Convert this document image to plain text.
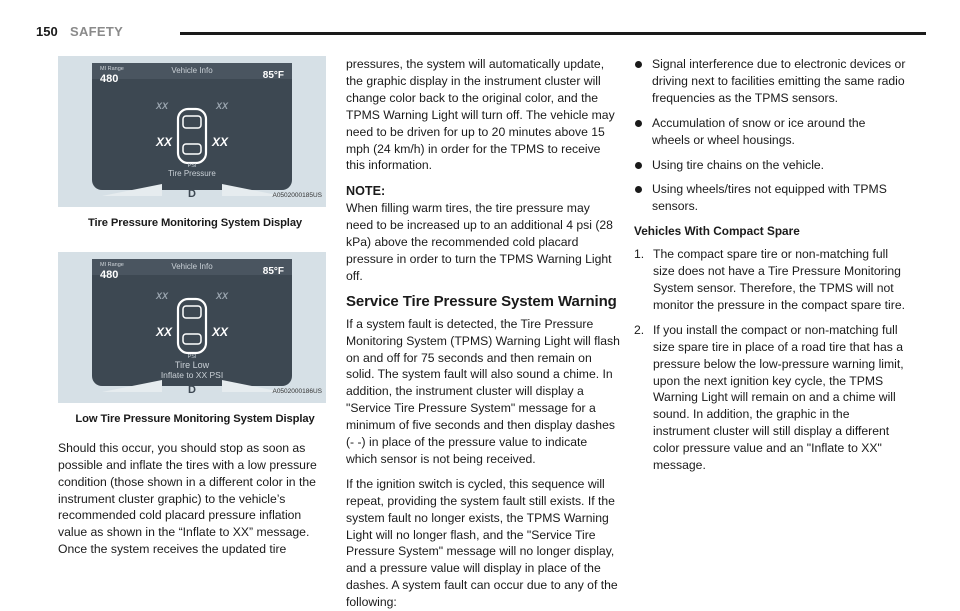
150 SAFETY
MI Range
480
Vehicle Info	85°F
XX	XX
XX	XX
PSI
Tire Pressure
D	A0502000185US

Tire Pressure Monitoring System Display

MI Range
480
Vehicle Info	85°F
XX	XX
XX	XX
PSI
Tire Low
Inflate to XX PSI
D	A0502000186US

Low Tire Pressure Monitoring System Display

Should this occur, you should stop as soon as possible and inflate the tires with a low pressure condition (those shown in a different color in the instrument cluster graphic) to the vehicle’s recommended cold placard pressure inflation value as shown in the “Inflate to XX” message. Once the system receives the updated tire

pressures, the system will automatically update, the graphic display in the instrument cluster will change color back to the original color, and the TPMS Warning Light will turn off. The vehicle may need to be driven for up to 20 minutes above 15 mph (24 km/h) in order for the TPMS to receive this information.

NOTE:

When filling warm tires, the tire pressure may need to be increased up to an additional 4 psi (28 kPa) above the recommended cold placard pressure in order to turn the TPMS Warning Light off.

Service Tire Pressure System Warning

If a system fault is detected, the Tire Pressure Monitoring System (TPMS) Warning Light will flash on and off for 75 seconds and then remain on solid. The system fault will also sound a chime. In addition, the instrument cluster will display a "Service Tire Pressure System" message for a minimum of five seconds and then display dashes (- -) in place of the pressure value to indicate which sensor is not being received.

If the ignition switch is cycled, this sequence will repeat, providing the system fault still exists. If the system fault no longer exists, the TPMS Warning Light will no longer flash, and the "Service Tire Pressure System" message will no longer display, and a pressure value will display in place of the dashes. A system fault can occur due to any of the following:

Signal interference due to electronic devices or driving next to facilities emitting the same radio frequencies as the TPMS sensors.
Accumulation of snow or ice around the wheels or wheel housings.
Using tire chains on the vehicle.
Using wheels/tires not equipped with TPMS sensors.
Vehicles With Compact Spare
1. The compact spare tire or non-matching full size does not have a Tire Pressure Monitoring System sensor. Therefore, the TPMS will not monitor the pressure in the compact spare tire.
2. If you install the compact or non-matching full size spare tire in place of a road tire that has a pressure below the low-pressure warning limit, upon the next ignition key cycle, the TPMS Warning Light will remain on and a chime will sound. In addition, the graphic in the instrument cluster will still display a different color pressure value and an "Inflate to XX" message.
